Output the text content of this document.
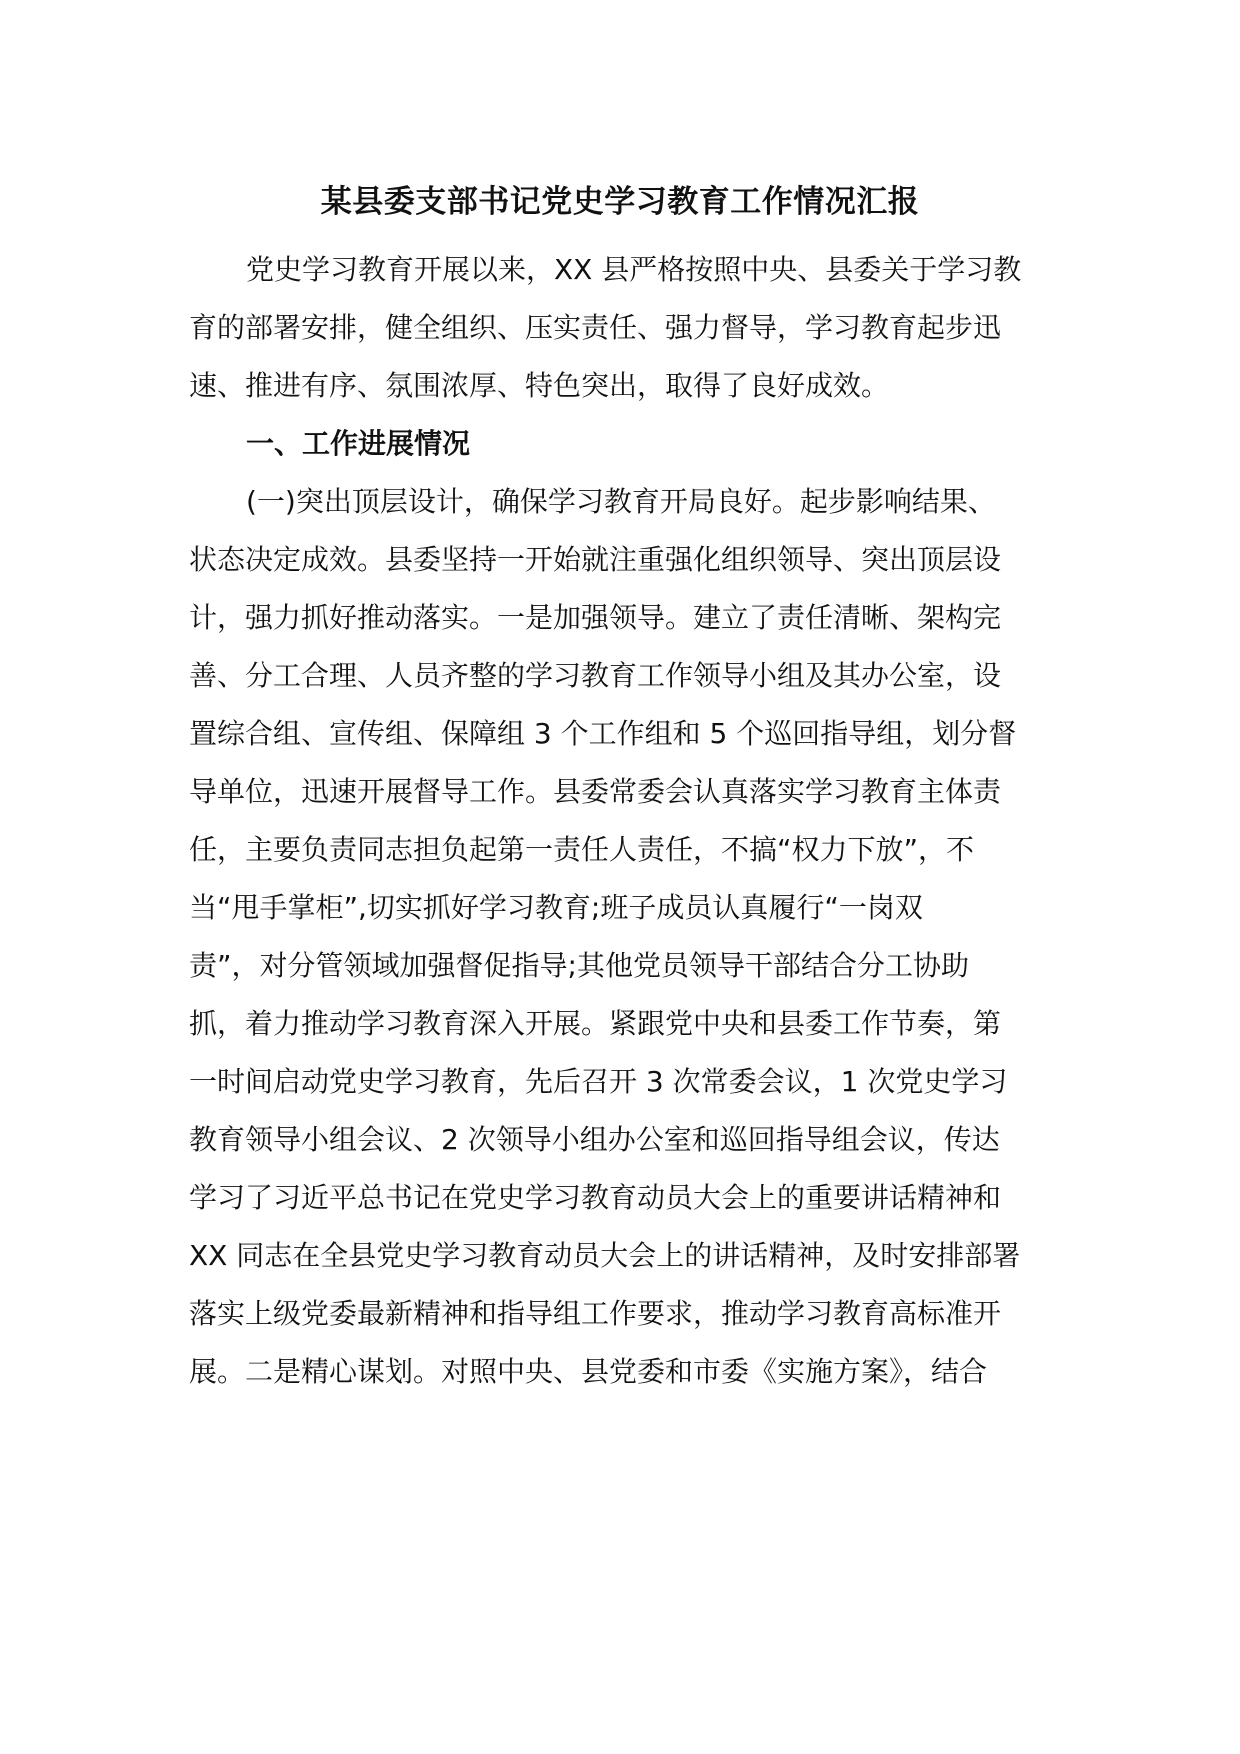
某县委支部书记党史学习教育工作情况汇报
党史学习教育开展以来，XX 县严格按照中央、县委关于学习教
育的部署安排，健全组织、压实责任、强力督导，学习教育起步迅
速、推进有序、氛围浓厚、特色突出，取得了良好成效。
一、工作进展情况
(一)突出顶层设计，确保学习教育开局良好。起步影响结果、
状态决定成效。县委坚持一开始就注重强化组织领导、突出顶层设
计，强力抓好推动落实。一是加强领导。建立了责任清晰、架构完
善、分工合理、人员齐整的学习教育工作领导小组及其办公室，设
置综合组、宣传组、保障组 3 个工作组和 5 个巡回指导组，划分督
导单位，迅速开展督导工作。县委常委会认真落实学习教育主体责
任，主要负责同志担负起第一责任人责任，不搞“权力下放”，不
当“甩手掌柜”,切实抓好学习教育;班子成员认真履行“一岗双
责”，对分管领域加强督促指导;其他党员领导干部结合分工协助
抓，着力推动学习教育深入开展。紧跟党中央和县委工作节奏，第
一时间启动党史学习教育，先后召开 3 次常委会议，1 次党史学习
教育领导小组会议、2 次领导小组办公室和巡回指导组会议，传达
学习了习近平总书记在党史学习教育动员大会上的重要讲话精神和
XX 同志在全县党史学习教育动员大会上的讲话精神，及时安排部署
落实上级党委最新精神和指导组工作要求，推动学习教育高标准开
展。二是精心谋划。对照中央、县党委和市委《实施方案》，结合
